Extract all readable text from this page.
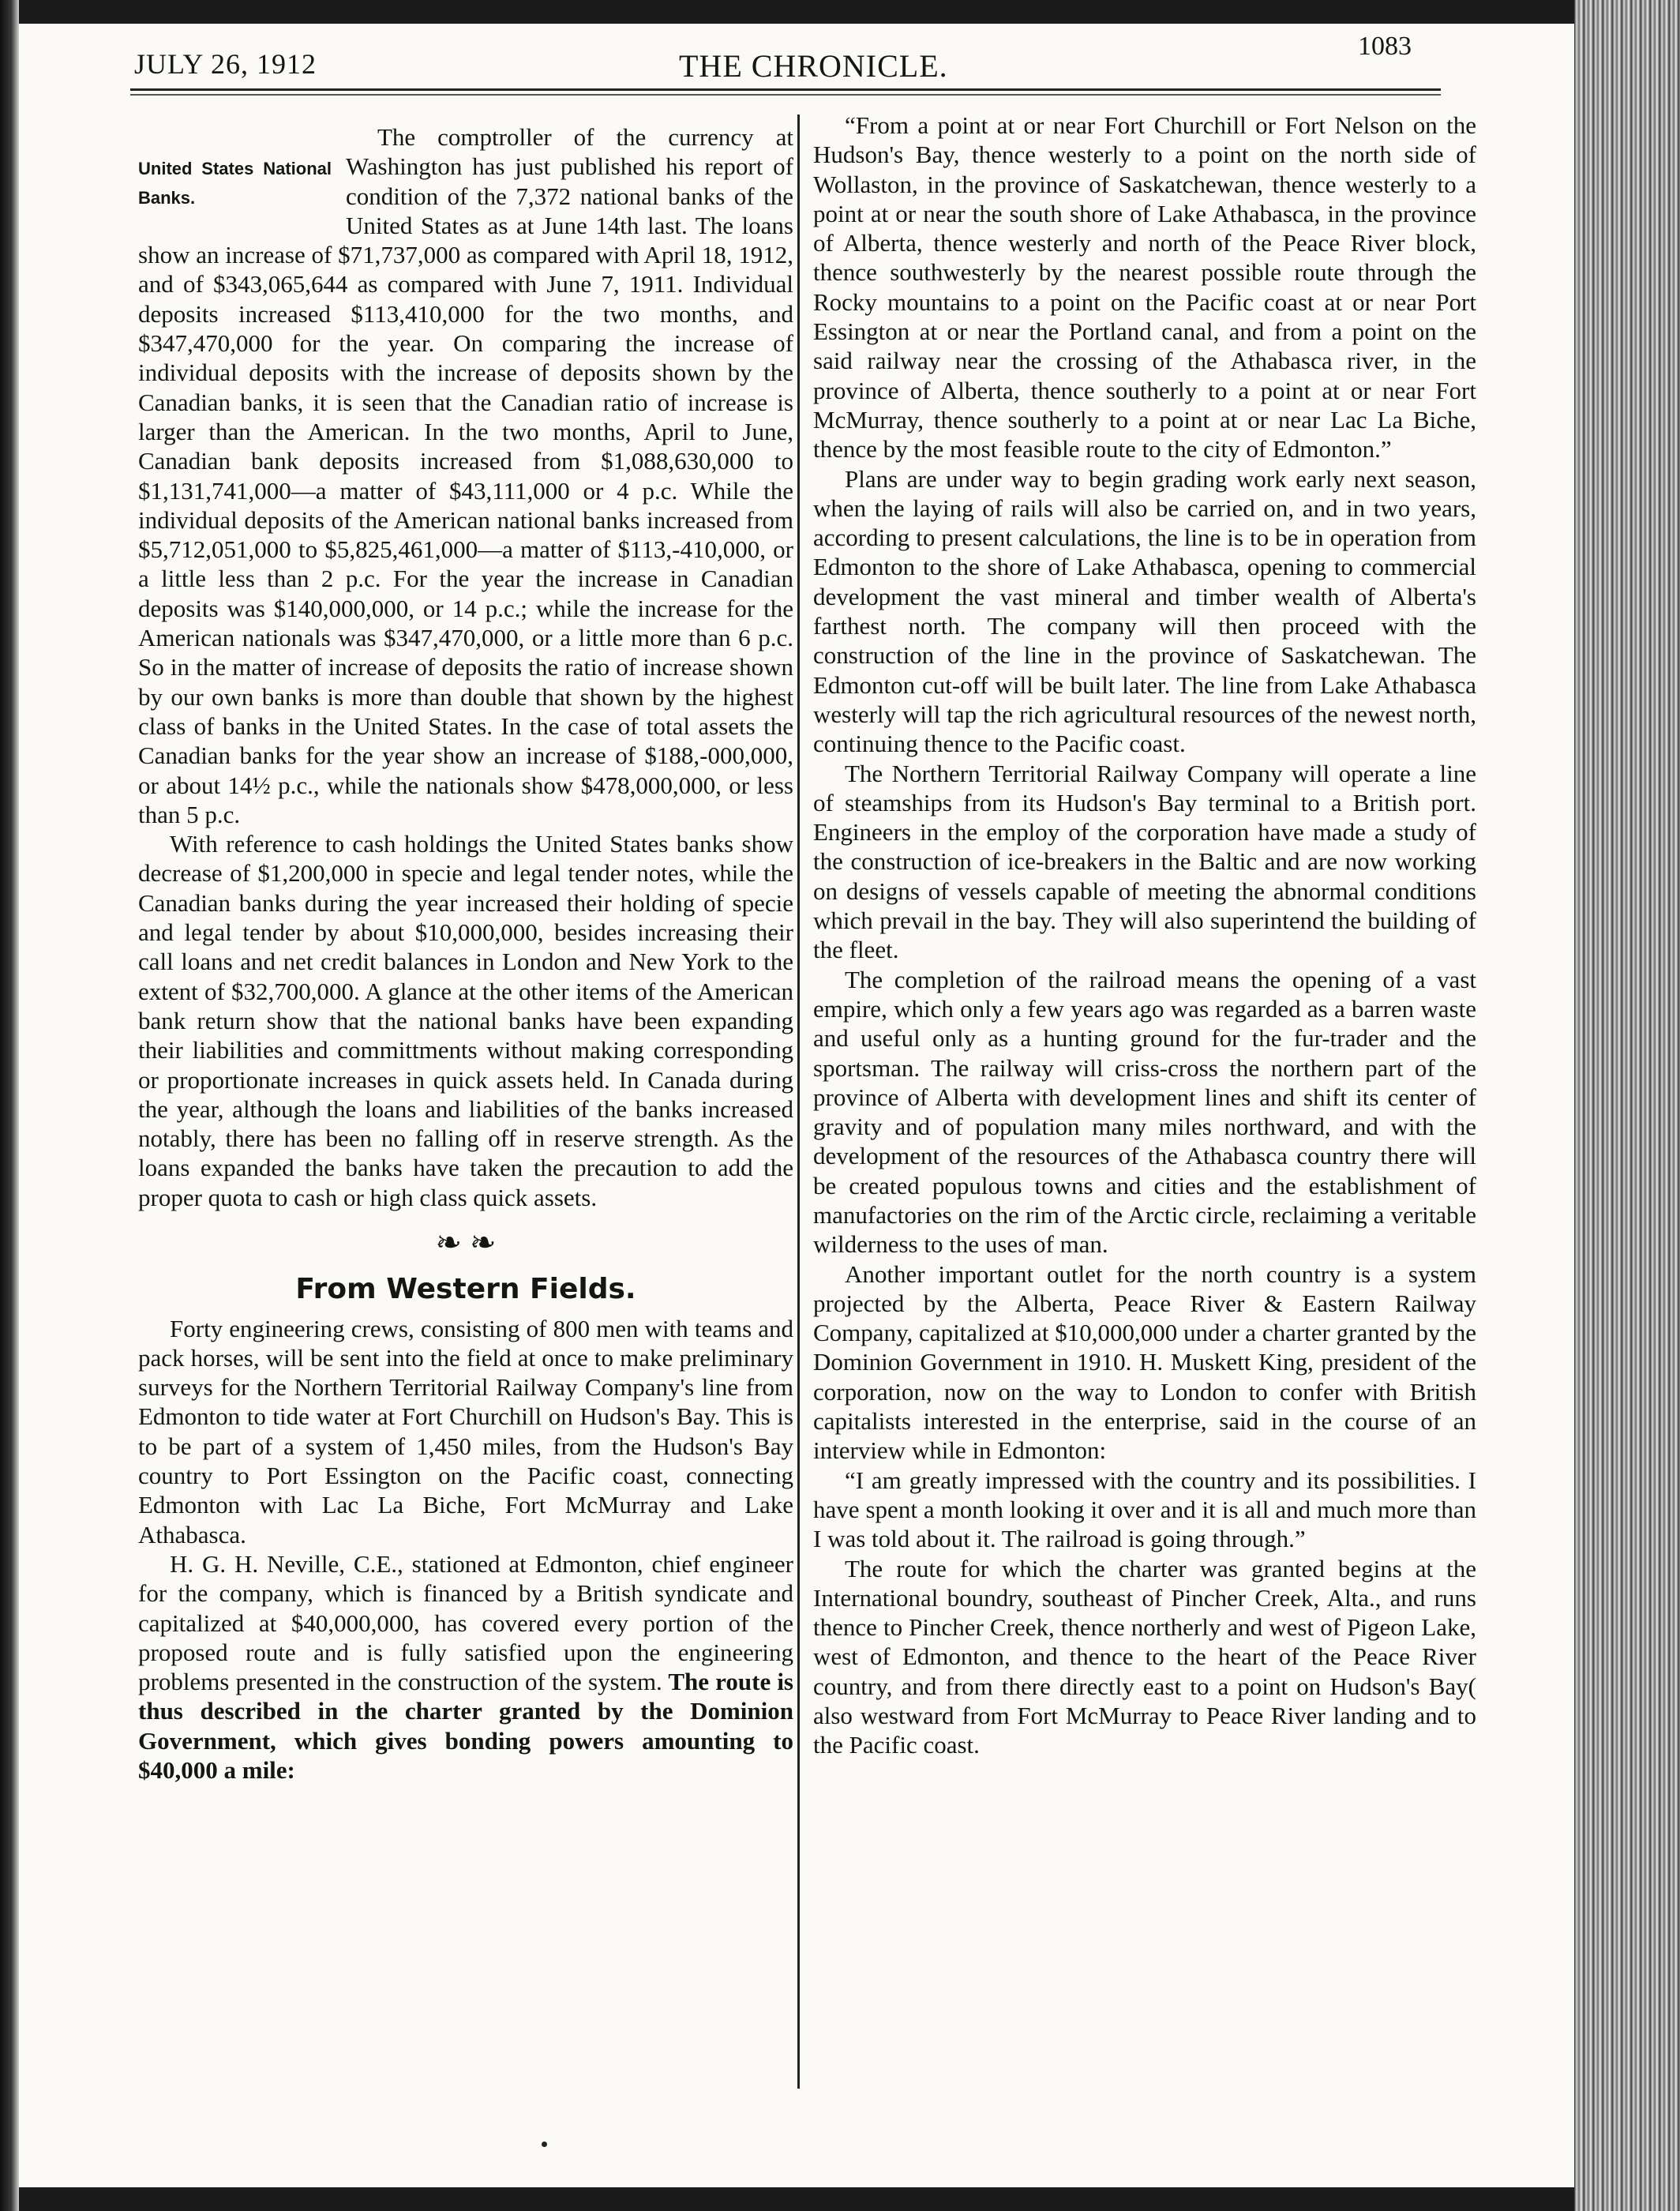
JULY 26, 1912	THE CHRONICLE.
1083

United States National Banks.
The comptroller of the currency at Washington has just published his report of condition of the 7,372 national banks of the United States as at June 14th last. The loans show an increase of $71,737,000 as compared with April 18, 1912, and of $343,065,644 as compared with June 7, 1911. Individual deposits increased $113,410,000 for the two months, and $347,470,000 for the year. On comparing the increase of individual deposits with the increase of deposits shown by the Canadian banks, it is seen that the Canadian ratio of increase is larger than the American. In the two months, April to June, Canadian bank deposits increased from $1,088,630,000 to $1,131,741,000—a matter of $43,111,000 or 4 p.c. While the individual deposits of the American national banks increased from $5,712,051,000 to $5,825,461,000—a matter of $113,-410,000, or a little less than 2 p.c. For the year the increase in Canadian deposits was $140,000,000, or 14 p.c.; while the increase for the American nationals was $347,470,000, or a little more than 6 p.c. So in the matter of increase of deposits the ratio of increase shown by our own banks is more than double that shown by the highest class of banks in the United States. In the case of total assets the Canadian banks for the year show an increase of $188,-000,000, or about 14½ p.c., while the nationals show $478,000,000, or less than 5 p.c.

With reference to cash holdings the United States banks show decrease of $1,200,000 in specie and legal tender notes, while the Canadian banks during the year increased their holding of specie and legal tender by about $10,000,000, besides increasing their call loans and net credit balances in London and New York to the extent of $32,700,000. A glance at the other items of the American bank return show that the national banks have been expanding their liabilities and committments without making corresponding or proportionate increases in quick assets held. In Canada during the year, although the loans and liabilities of the banks increased notably, there has been no falling off in reserve strength. As the loans expanded the banks have taken the precaution to add the proper quota to cash or high class quick assets.

❧ ❧
From Western Fields.

Forty engineering crews, consisting of 800 men with teams and pack horses, will be sent into the field at once to make preliminary surveys for the Northern Territorial Railway Company's line from Edmonton to tide water at Fort Churchill on Hudson's Bay. This is to be part of a system of 1,450 miles, from the Hudson's Bay country to Port Essington on the Pacific coast, connecting Edmonton with Lac La Biche, Fort McMurray and Lake Athabasca.

H. G. H. Neville, C.E., stationed at Edmonton, chief engineer for the company, which is financed by a British syndicate and capitalized at $40,000,000, has covered every portion of the proposed route and is fully satisfied upon the engineering problems presented in the construction of the system. The route is thus described in the charter granted by the Dominion Government, which gives bonding powers amounting to $40,000 a mile:

“From a point at or near Fort Churchill or Fort Nelson on the Hudson's Bay, thence westerly to a point on the north side of Wollaston, in the province of Saskatchewan, thence westerly to a point at or near the south shore of Lake Athabasca, in the province of Alberta, thence westerly and north of the Peace River block, thence southwesterly by the nearest possible route through the Rocky mountains to a point on the Pacific coast at or near Port Essington at or near the Portland canal, and from a point on the said railway near the crossing of the Athabasca river, in the province of Alberta, thence southerly to a point at or near Fort McMurray, thence southerly to a point at or near Lac La Biche, thence by the most feasible route to the city of Edmonton.”

Plans are under way to begin grading work early next season, when the laying of rails will also be carried on, and in two years, according to present calculations, the line is to be in operation from Edmonton to the shore of Lake Athabasca, opening to commercial development the vast mineral and timber wealth of Alberta's farthest north. The company will then proceed with the construction of the line in the province of Saskatchewan. The Edmonton cut-off will be built later. The line from Lake Athabasca westerly will tap the rich agricultural resources of the newest north, continuing thence to the Pacific coast.

The Northern Territorial Railway Company will operate a line of steamships from its Hudson's Bay terminal to a British port. Engineers in the employ of the corporation have made a study of the construction of ice-breakers in the Baltic and are now working on designs of vessels capable of meeting the abnormal conditions which prevail in the bay. They will also superintend the building of the fleet.

The completion of the railroad means the opening of a vast empire, which only a few years ago was regarded as a barren waste and useful only as a hunting ground for the fur-trader and the sportsman. The railway will criss-cross the northern part of the province of Alberta with development lines and shift its center of gravity and of population many miles northward, and with the development of the resources of the Athabasca country there will be created populous towns and cities and the establishment of manufactories on the rim of the Arctic circle, reclaiming a veritable wilderness to the uses of man.

Another important outlet for the north country is a system projected by the Alberta, Peace River & Eastern Railway Company, capitalized at $10,000,000 under a charter granted by the Dominion Government in 1910. H. Muskett King, president of the corporation, now on the way to London to confer with British capitalists interested in the enterprise, said in the course of an interview while in Edmonton:

“I am greatly impressed with the country and its possibilities. I have spent a month looking it over and it is all and much more than I was told about it. The railroad is going through.”

The route for which the charter was granted begins at the International boundry, southeast of Pincher Creek, Alta., and runs thence to Pincher Creek, thence northerly and west of Pigeon Lake, west of Edmonton, and thence to the heart of the Peace River country, and from there directly east to a point on Hudson's Bay( also westward from Fort McMurray to Peace River landing and to the Pacific coast.
